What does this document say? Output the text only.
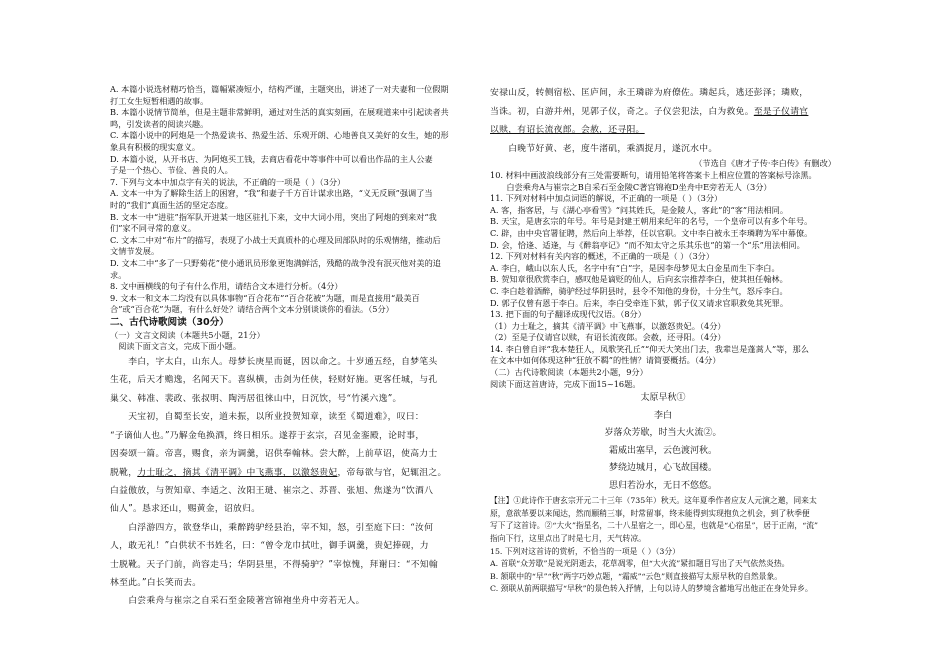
A. 本篇小说选材精巧恰当，篇幅紧凑短小，结构严谨，主题突出，讲述了一对夫妻和一位假期
打工女生短暂相遇的故事。
B. 本篇小说情节简单，但是主题非常鲜明，通过对生活的真实刻画，在展观道来中引起读者共
鸣，引发读者的阅读兴趣。
C. 本篇小说中的阿炮是一个热爱读书、热爱生活、乐观开朗、心地善良又美好的女生，她的形
象具有积极的现实意义。
D. 本篇小说，从开书店、为阿炮买工钱，去商店看花中等事件中可以看出作品的主人公妻
子是一个热心、节俭、善良的人。
7. 下列与文本中加点字有关的说法，不正确的一项是（ ）（3分）
A. 文本一中为了解除生活上的困窘，“我”和妻子千方百计谋求出路，“义无反顾”强调了当
时的“我们”真面生活的坚定态度。
B. 文本一中“进驻”指军队开进某一地区驻扎下来，文中大词小用，突出了阿炮的到来对“我
们”家不同寻常的意义。
C. 文本二中对“布片”的描写，表现了小战士天真质朴的心理及回部队时的乐观情绪，推动后
文情节发展。
D. 文本二中“多了一只野菊花”使小通讯员形象更饱满鲜活，残酷的战争没有泯灭他对美的追
求。
8. 文中画横线的句子有什么作用，请结合文本进行分析。（4分）
9. 文本一和文本二均没有以具体事物“百合花布”“百合花被”为题，而是直接用“最美百
合”或“百合花”为题，有什么好处？请结合两个文本分别谈谈你的看法。（5分）
二、古代诗歌阅读（30分）
（一）文言文阅读（本题共5小题，21分）
　阅读下面文言文，完成下面小题。
　　李白，字太白，山东人。母梦长庚星而诞，因以命之。十岁通五经，自梦笔头
生花，后天才赡逸，名闻天下。喜纵横，击剑为任侠，轻财好施。更客任城，与孔
巢父、韩准、裴政、张叔明、陶沔居徂徕山中，日沉饮，号“竹溪六逸”。
　　天宝初，自蜀至长安，道未振，以所业投贺知章，读至《蜀道难》，叹曰：
“子谪仙人也。”乃解金龟换酒，终日相乐。遂荐于玄宗，召见金銮殿，论时事，
因奏颂一篇。帝喜，赐食，亲为调羹，诏供奉翰林。尝大醉，上前草诏，使高力士
脱靴，力士耻之，摘其《清平调》中飞燕事，以激怒贵妃，帝每欲与官，妃辄沮之。
白益傲放，与贺知章、李适之、汝阳王琎、崔宗之、苏晋、张旭、焦遂为“饮酒八
仙人”。恳求还山，赐黄金，诏放归。
　　白浮游四方，欲登华山，乘醉跨驴经县治，宰不知，怒，引至庭下曰：“汝何
人，敢无礼！”白供状不书姓名，曰：“曾令龙巾拭吐，御手调羹，贵妃捧砚，力
士脱靴。天子门前，尚容走马；华阴县里，不得骑驴？”宰惊愧，拜谢曰：“不知翰
林至此。”白长笑而去。
　　白尝乘舟与崔宗之自采石至金陵著宫锦袍坐舟中旁若无人。
安禄山反，转侧宿松、匡庐间，永王璘辟为府僚佐。璘起兵，逃还彭泽；璘败，
当诛。初，白游并州，见郭子仪，奇之。子仪尝犯法，白为救免。至是子仪请官
以赎，有诏长流夜郎。会赦，还寻阳。
　　白晚节好黄、老，度牛渚矶，乘酒捉月，遂沉水中。
（节选自《唐才子传·李白传》有删改）
10. 材料中画波浪线部分有三处需要断句，请用铅笔将答案卡上相应位置的答案标号涂黑。
　　白尝乘舟A与崔宗之B自采石至金陵C著宫锦袍D坐舟中E旁若无人（3分）
11. 下列对材料中加点词语的解说，不正确的一项是（ ）（3分）
A. 客，指客居，与《湖心亭看雪》“问其姓氏，是金陵人，客此”的“客”用法相同。
B. 天宝，是唐玄宗的年号。年号是封建王朝用来纪年的名号，一个皇帝可以有多个年号。
C. 辟，由中央官署征聘，然后向上举荐，任以官职。文中李白被永王李璘聘为军中幕僚。
D. 会，恰逢、适逢，与《醉翁亭记》“而不知太守之乐其乐也”的第一个“乐”用法相同。
12. 下列对材料有关内容的概述，不正确的一项是（ ）（3分）
A. 李白，峨山以东人氏，名字中有“白”字，是因李母梦见太白金星而生下李白。
B. 贺知章很欣赏李白，感叹他是谪贬的仙人，后向玄宗推荐李白，使其担任翰林。
C. 李白趁着酒醉，骑驴经过华阴县时，县令不知他的身份，十分生气，怒斥李白。
D. 郭子仪曾有恩于李白。后来，李白受牵连下狱，郭子仪又请求官职救免其死罪。
13. 把下面的句子翻译成现代汉语。（8分）
（1）力士耻之，摘其《清平调》中飞燕事，以激怒贵妃。（4分）
（2）至是子仪请官以赎，有诏长流夜郎。会赦，还寻阳。（4分）
14. 李白曾自评“我本楚狂人，凤歌笑孔丘”“仰天大笑出门去，我辈岂是蓬蒿人”等，那么
在文本中如何体现这种“狂放不羁”的性情？请简要概括。（4分）
（二）古代诗歌阅读（本题共2小题，9分）
阅读下面这首唐诗，完成下面15~16题。
太原早秋①
李白
岁落众芳歇，时当大火流②。
霜威出塞早，云色渡河秋。
梦绕边城月，心飞故国楼。
思归若汾水，无日不悠悠。
【注】①此诗作于唐玄宗开元二十三年（735年）秋天。这年夏季作者应友人元演之邀，同来太
原，意欲革要以来闻达，然而願稍三事，时常留事，终未能得到实现抱负之机会，到了秋季便
写下了这首诗。②“大火”指星名，二十八星宿之一，即心星，也就是“心宿星”，居于正南，“流”
指向下行，这里点出了时是七月，天气转凉。
15. 下列对这首诗的赏析，不恰当的一项是（ ）（3分）
A. 首联“众芳歇”是说光阴逝去，花草凋零，但“大火流”紧扣题目写出了天气依然炎热。
B. 颔联中的“早”“秋”两字巧妙点题，“霜威”“云色”则直接描写太原早秋的自然景象。
C. 颈联从前两联描写“早秋”的景色转入抒情，上句以诗人的梦境含蓄地写出他正在身处异乡。
